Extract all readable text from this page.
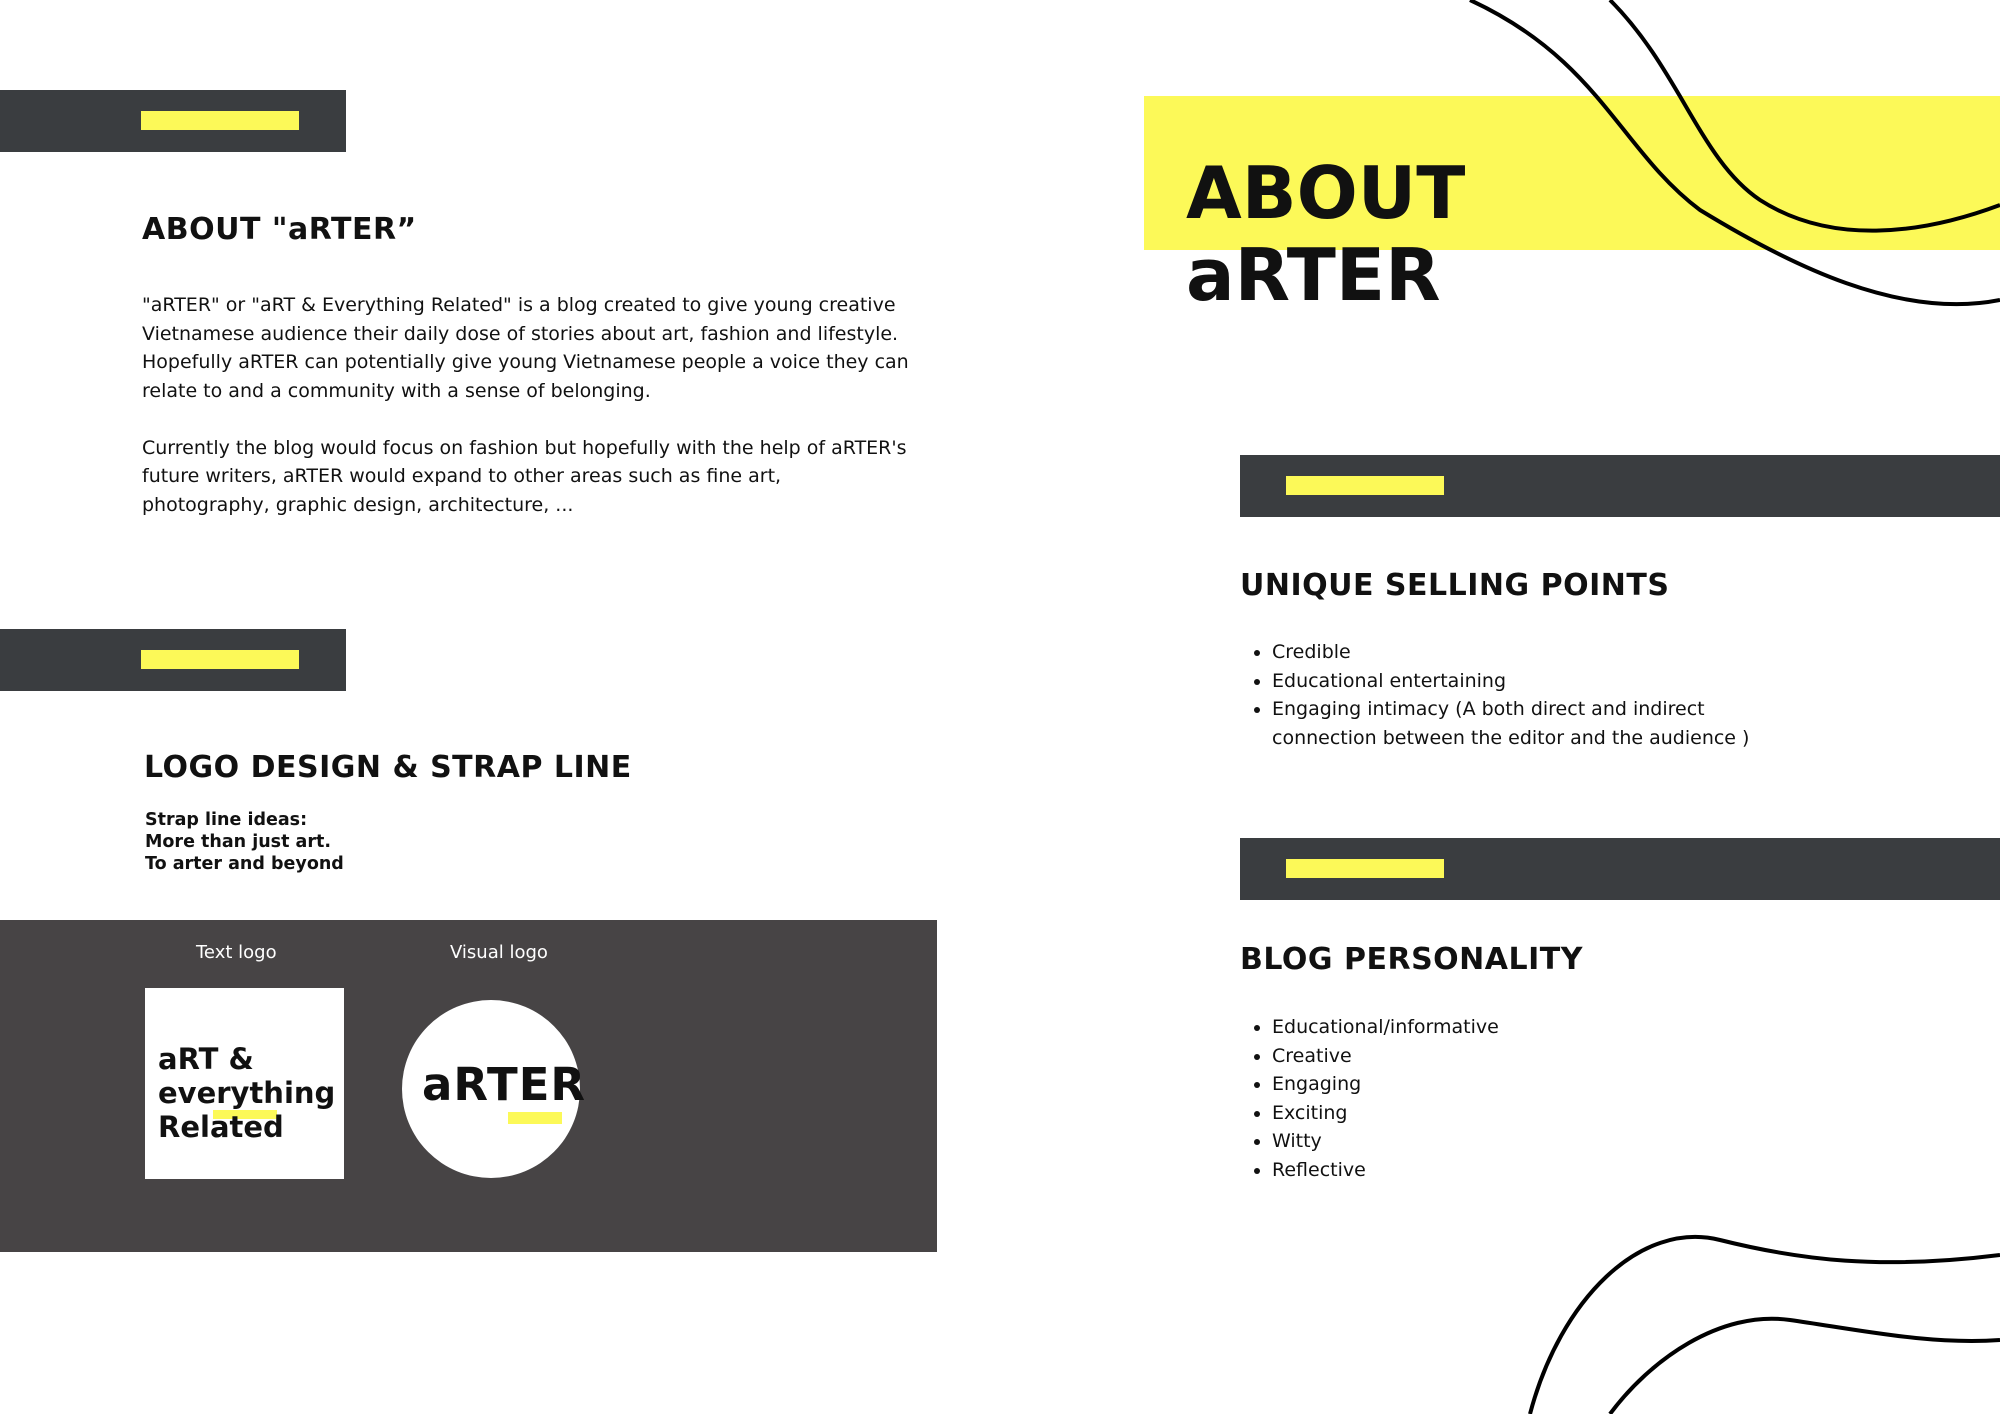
ABOUT "aRTER”

"aRTER" or "aRT & Everything Related" is a blog created to give young creative Vietnamese audience their daily dose of stories about art, fashion and lifestyle. Hopefully aRTER can potentially give young Vietnamese people a voice they can relate to and a community with a sense of belonging.

Currently the blog would focus on fashion but hopefully with the help of aRTER's future writers, aRTER would expand to other areas such as fine art, photography, graphic design, architecture, ...

LOGO DESIGN & STRAP LINE
Strap line ideas:
More than just art.
To arter and beyond
Text logo	Visual logo
aRT &
everything
Related
aRTER
ABOUT
aRTER
UNIQUE SELLING POINTS
• Credible
• Educational entertaining
• Engaging intimacy (A both direct and indirect connection between the editor and the audience )
BLOG PERSONALITY
• Educational/informative
• Creative
• Engaging
• Exciting
• Witty
• Reflective
